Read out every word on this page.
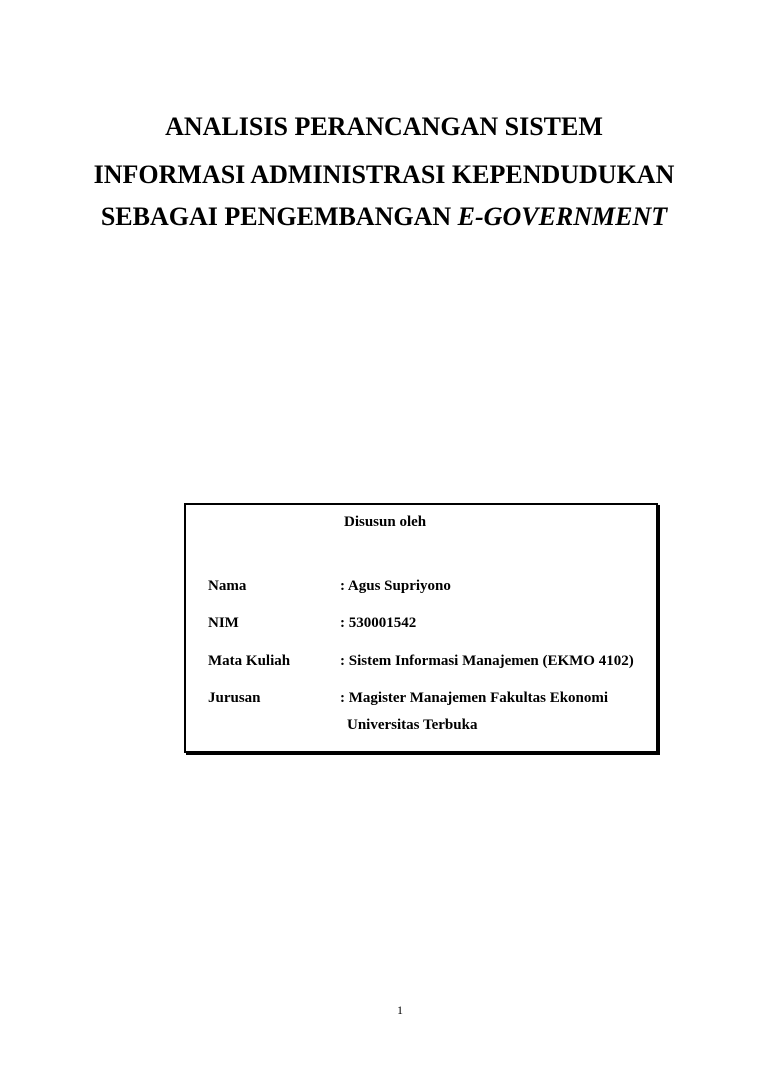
ANALISIS PERANCANGAN SISTEM
INFORMASI ADMINISTRASI KEPENDUDUKAN
SEBAGAI PENGEMBANGAN E-GOVERNMENT
Disusun oleh
Nama	: Agus Supriyono
NIM	: 530001542
Mata Kuliah	: Sistem Informasi Manajemen (EKMO 4102)
Jurusan	: Magister Manajemen Fakultas Ekonomi
Universitas Terbuka
1
